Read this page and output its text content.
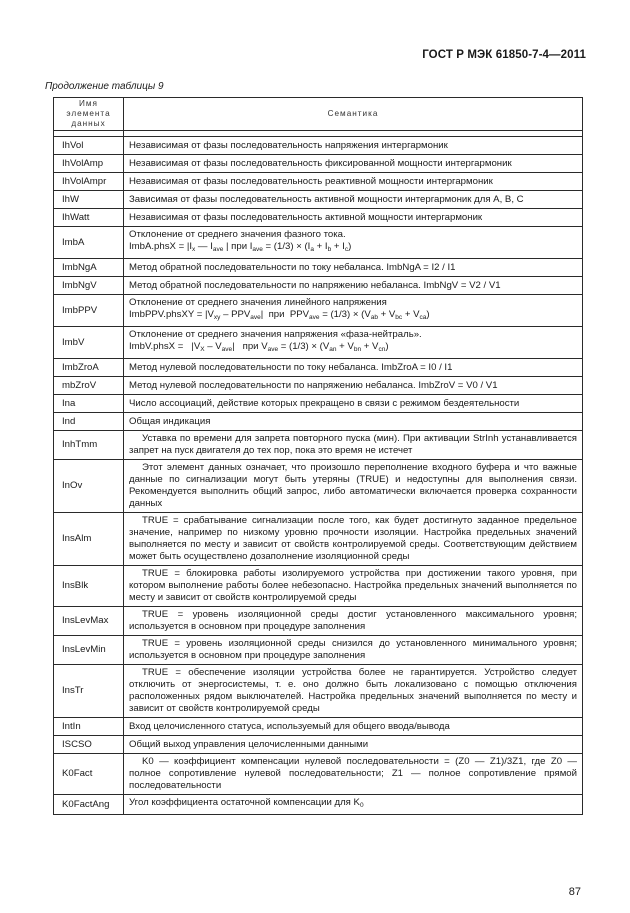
ГОСТ Р МЭК 61850-7-4—2011
Продолжение таблицы 9
Имя элемента данных	Семантика

IhVol	Независимая от фазы последовательность напряжения интергармоник
IhVolAmp	Независимая от фазы последовательность фиксированной мощности интергармоник
IhVolAmpr	Независимая от фазы последовательность реактивной мощности интергармоник
IhW	Зависимая от фазы последовательность активной мощности интергармоник для А, В, С
IhWatt	Независимая от фазы последовательность активной мощности интергармоник
ImbA	Отклонение от среднего значения фазного тока.
ImbA.phsX = $|I_x$ — $I_{ave}$ | при $I_{ave} = (1/3) \times (I_a + I_b + I_c)$

ImbNgA	Метод обратной последовательности по току небаланса. ImbNgA = I2 / I1
ImbNgV	Метод обратной последовательности по напряжению небаланса. ImbNgV = V2 / V1
ImbPPV	Отклонение от среднего значения линейного напряжения
ImbPPV.phsXY = $|V_{xy} - PPV_{ave}|$ при $PPV_{ave} = (1/3) \times (V_{ab} + V_{bc} + V_{ca})$

ImbV	Отклонение от среднего значения напряжения «фаза-нейтраль».
ImbV.phsX =   $|V_X - V_{ave}|$ при $V_{ave} = (1/3) \times (V_{an} + V_{bn} + V_{cn})$

ImbZroA	Метод нулевой последовательности по току небаланса. ImbZroA = I0 / I1
mbZroV	Метод нулевой последовательности по напряжению небаланса. ImbZroV = V0 / V1
Ina	Число ассоциаций, действие которых прекращено в связи с режимом бездеятельности
Ind	Общая индикация
InhTmm	Уставка по времени для запрета повторного пуска (мин). При активации StrInh устанавливается запрет на пуск двигателя до тех пор, пока это время не истечет
InOv	Этот элемент данных означает, что произошло переполнение входного буфера и что важные данные по сигнализации могут быть утеряны (TRUE) и недоступны для выполнения связи. Рекомендуется выполнить общий запрос, либо автоматически включается проверка сохранности данных
InsAlm	TRUE = срабатывание сигнализации после того, как будет достигнуто заданное предельное значение, например по низкому уровню прочности изоляции. Настройка предельных значений выполняется по месту и зависит от свойств контролируемой среды. Соответствующим действием может быть осуществлено дозаполнение изоляционной среды
InsBlk	TRUE = блокировка работы изолируемого устройства при достижении такого уровня, при котором выполнение работы более небезопасно. Настройка предельных значений выполняется по месту и зависит от свойств контролируемой среды
InsLevMax	TRUE = уровень изоляционной среды достиг установленного максимального уровня; используется в основном при процедуре заполнения
InsLevMin	TRUE = уровень изоляционной среды снизился до установленного минимального уровня; используется в основном при процедуре заполнения
InsTr	TRUE = обеспечение изоляции устройства более не гарантируется. Устройство следует отключить от энергосистемы, т. е. оно должно быть локализовано с помощью отключения расположенных рядом выключателей. Настройка предельных значений выполняется по месту и зависит от свойств контролируемой среды
IntIn	Вход целочисленного статуса, используемый для общего ввода/вывода
ISCSO	Общий выход управления целочисленными данными
K0Fact	K0 — коэффициент компенсации нулевой последовательности = (Z0 — Z1)/3Z1, где Z0 — полное сопротивление нулевой последовательности; Z1 — полное сопротивление прямой последовательности
K0FactAng	Угол коэффициента остаточной компенсации для $K_0$
87
